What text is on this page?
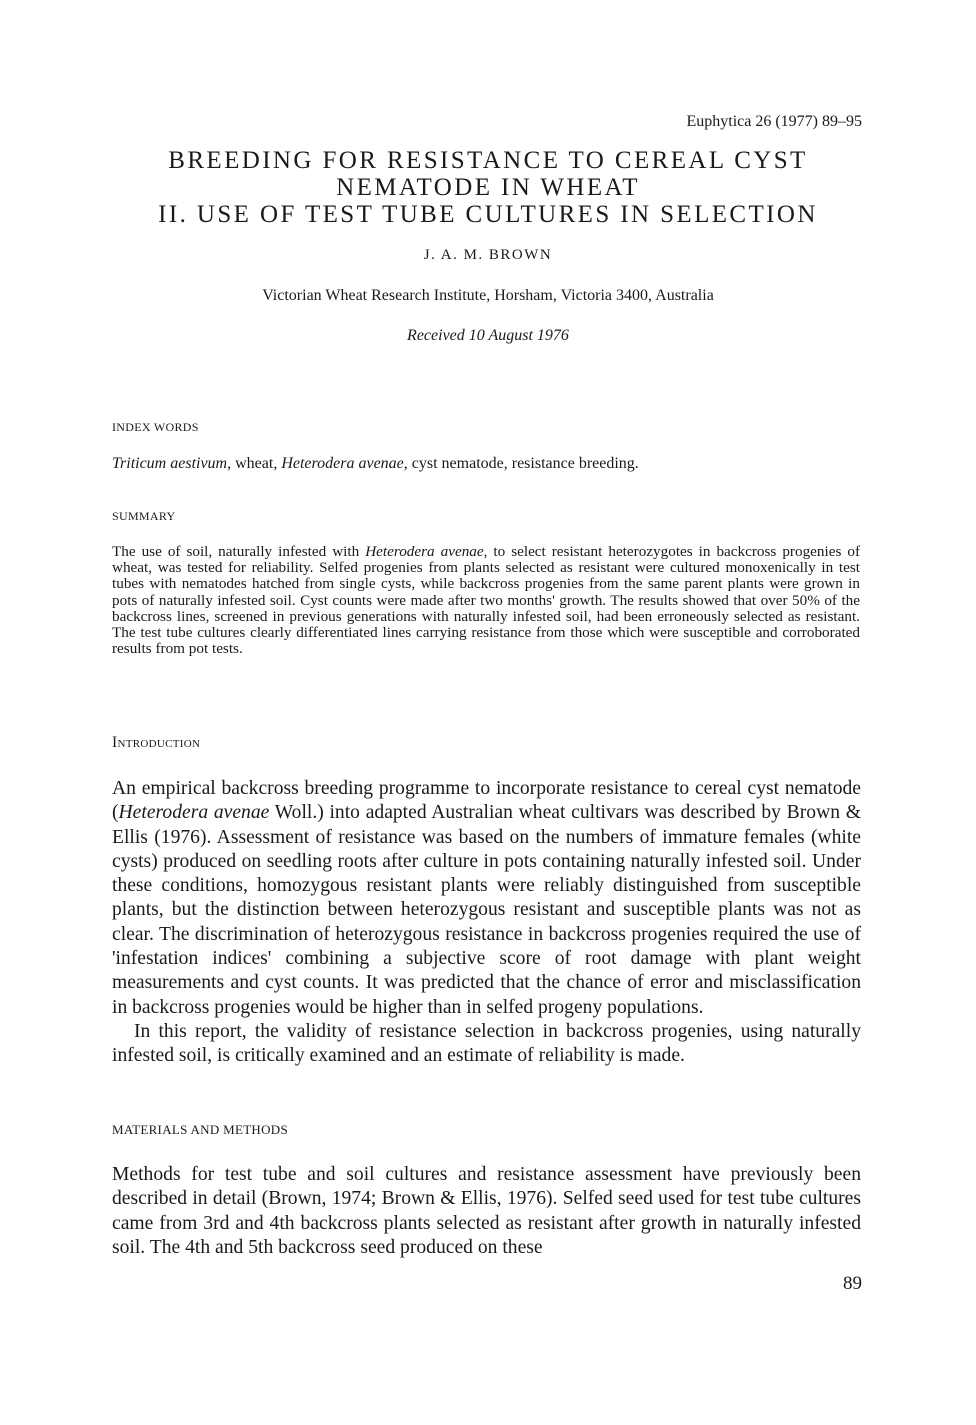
Euphytica 26 (1977) 89–95
BREEDING FOR RESISTANCE TO CEREAL CYST
NEMATODE IN WHEAT
II. USE OF TEST TUBE CULTURES IN SELECTION
J. A. M. BROWN
Victorian Wheat Research Institute, Horsham, Victoria 3400, Australia
Received 10 August 1976
INDEX WORDS
Triticum aestivum, wheat, Heterodera avenae, cyst nematode, resistance breeding.
SUMMARY
The use of soil, naturally infested with Heterodera avenae, to select resistant heterozygotes in backcross progenies of wheat, was tested for reliability. Selfed progenies from plants selected as resistant were cultured monoxenically in test tubes with nematodes hatched from single cysts, while backcross progenies from the same parent plants were grown in pots of naturally infested soil. Cyst counts were made after two months' growth. The results showed that over 50% of the backcross lines, screened in previous generations with naturally infested soil, had been erroneously selected as resistant. The test tube cultures clearly differentiated lines carrying resistance from those which were susceptible and corroborated results from pot tests.
Introduction

An empirical backcross breeding programme to incorporate resistance to cereal cyst nematode (Heterodera avenae Woll.) into adapted Australian wheat cultivars was described by Brown & Ellis (1976). Assessment of resistance was based on the numbers of immature females (white cysts) produced on seedling roots after culture in pots containing naturally infested soil. Under these conditions, homozygous resistant plants were reliably distinguished from susceptible plants, but the distinction between heterozygous resistant and susceptible plants was not as clear. The discrimination of heterozygous resistance in backcross progenies required the use of 'infestation indices' combining a subjective score of root damage with plant weight measurements and cyst counts. It was predicted that the chance of error and misclassification in backcross progenies would be higher than in selfed progeny populations.

In this report, the validity of resistance selection in backcross progenies, using naturally infested soil, is critically examined and an estimate of reliability is made.

MATERIALS AND METHODS

Methods for test tube and soil cultures and resistance assessment have previously been described in detail (Brown, 1974; Brown & Ellis, 1976). Selfed seed used for test tube cultures came from 3rd and 4th backcross plants selected as resistant after growth in naturally infested soil. The 4th and 5th backcross seed produced on these

89
